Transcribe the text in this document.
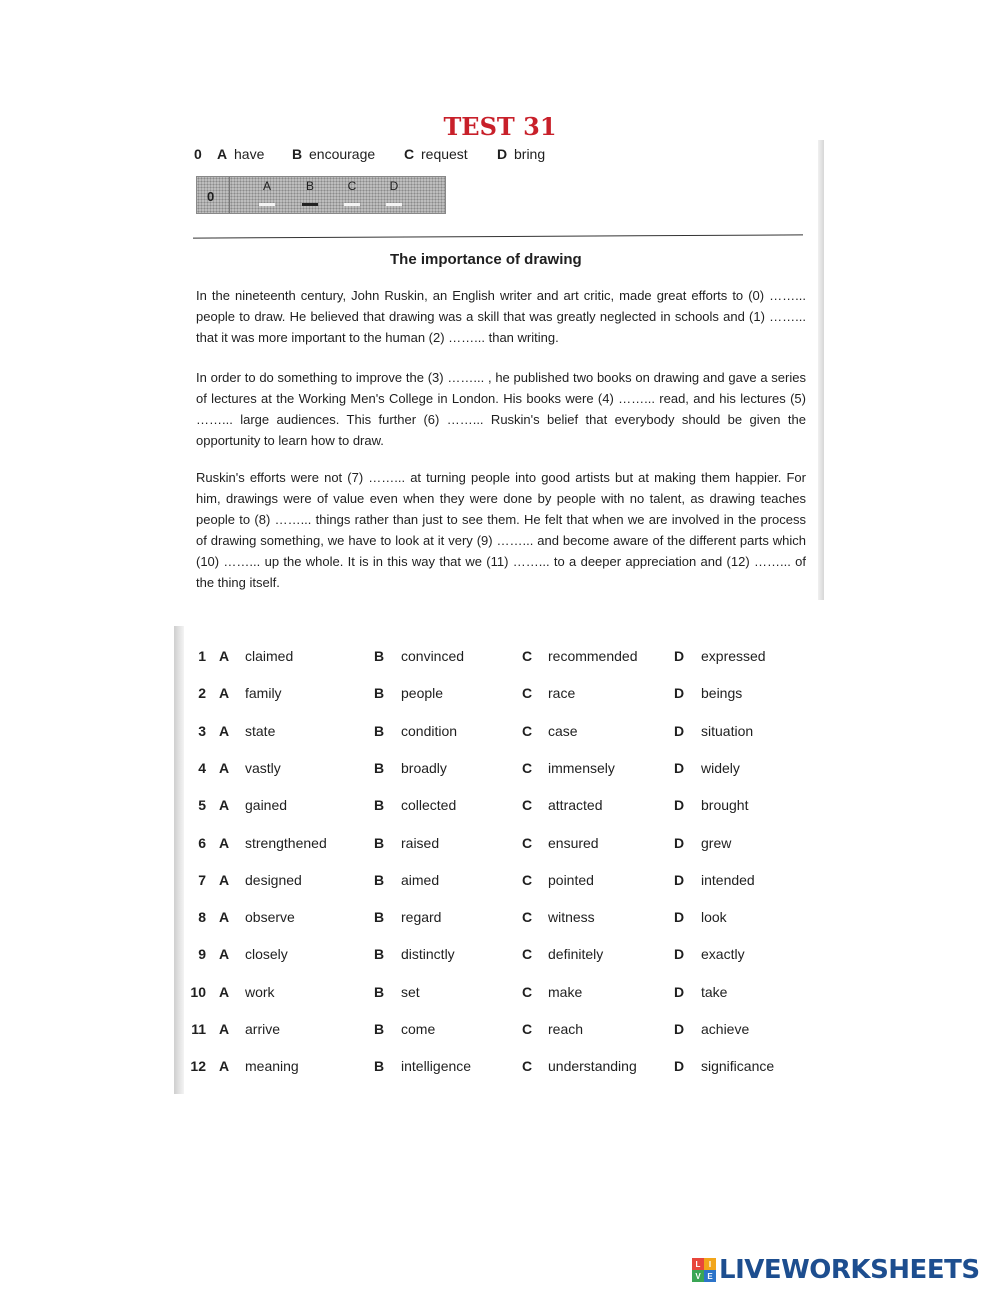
TEST 31
0 A have B encourage C request D bring
0
A	B	C	D
The importance of drawing
In the nineteenth century, John Ruskin, an English writer and art critic, made great efforts to (0) ……... people to draw. He believed that drawing was a skill that was greatly neglected in schools and (1) ……... that it was more important to the human (2) ……... than writing.
In order to do something to improve the (3) ……... , he published two books on drawing and gave a series of lectures at the Working Men's College in London. His books were (4) ……... read, and his lectures (5) ……... large audiences. This further (6) ……... Ruskin's belief that everybody should be given the opportunity to learn how to draw.
Ruskin's efforts were not (7) ……... at turning people into good artists but at making them happier. For him, drawings were of value even when they were done by people with no talent, as drawing teaches people to (8) ……... things rather than just to see them. He felt that when we are involved in the process of drawing something, we have to look at it very (9) ……... and become aware of the different parts which (10) ……... up the whole. It is in this way that we (11) ……... to a deeper appreciation and (12) ……... of the thing itself.
1 A claimed	B convinced	C recommended	D expressed
2 A family	B people	C race	D beings
3 A state	B condition	C case	D situation
4 A vastly	B broadly	C immensely	D widely
5 A gained	B collected	C attracted	D brought
6 A strengthened	B raised	C ensured	D grew
7 A designed	B aimed	C pointed	D intended
8 A observe	B regard	C witness	D look
9 A closely	B distinctly	C definitely	D exactly
10 A work	B set	C make	D take
11 A arrive	B come	C reach	D achieve
12 A meaning	B intelligence	C understanding	D significance
L	I
V E LIVEWORKSHEETS
